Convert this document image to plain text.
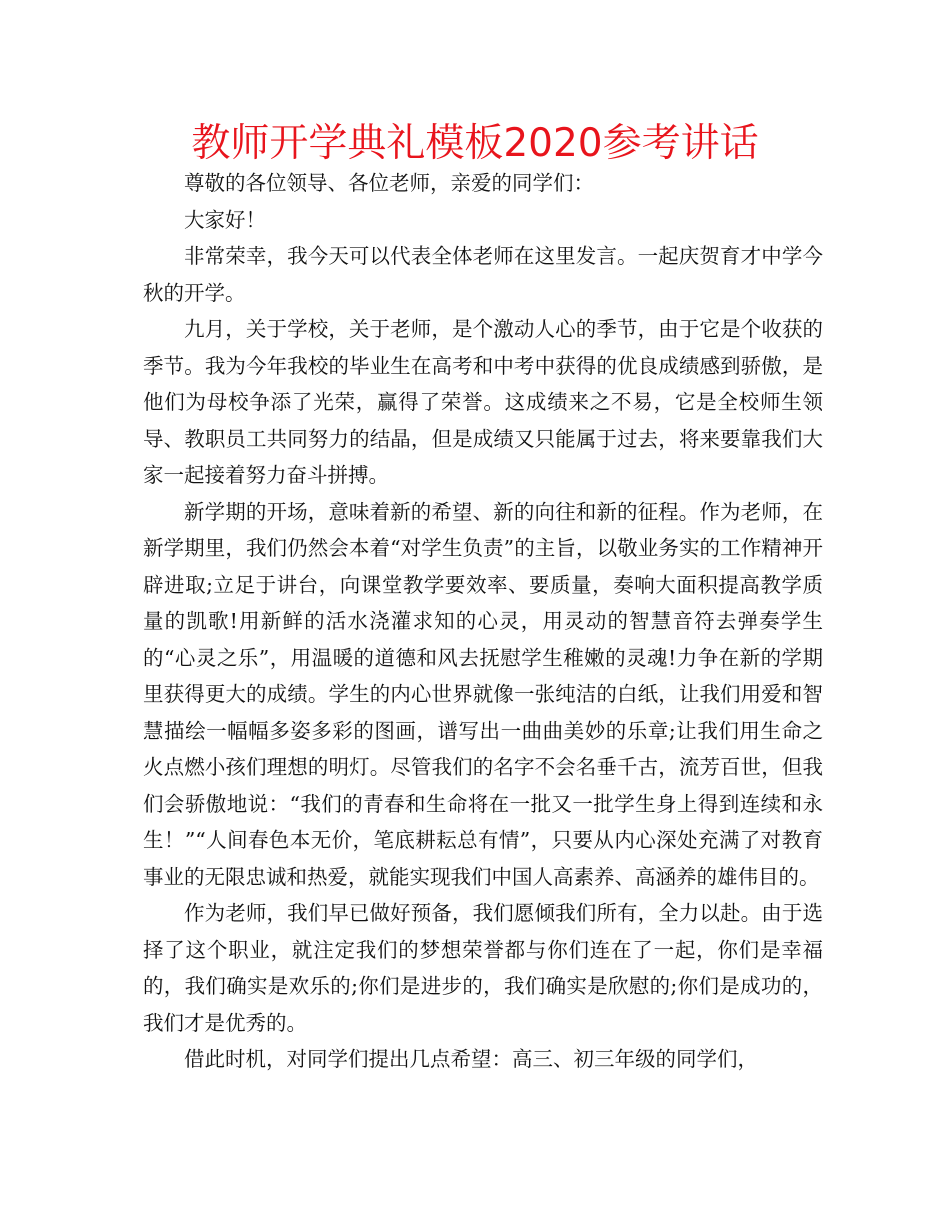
教师开学典礼模板2020参考讲话

尊敬的各位领导、各位老师，亲爱的同学们：

大家好！

非常荣幸，我今天可以代表全体老师在这里发言。一起庆贺育才中学今秋的开学。

九月，关于学校，关于老师，是个激动人心的季节，由于它是个收获的季节。我为今年我校的毕业生在高考和中考中获得的优良成绩感到骄傲，是他们为母校争添了光荣，赢得了荣誉。这成绩来之不易，它是全校师生领导、教职员工共同努力的结晶，但是成绩又只能属于过去，将来要靠我们大家一起接着努力奋斗拼搏。

新学期的开场，意味着新的希望、新的向往和新的征程。作为老师，在新学期里，我们仍然会本着“对学生负责”的主旨，以敬业务实的工作精神开辟进取;立足于讲台，向课堂教学要效率、要质量，奏响大面积提高教学质量的凯歌!用新鲜的活水浇灌求知的心灵，用灵动的智慧音符去弹奏学生的“心灵之乐”，用温暖的道德和风去抚慰学生稚嫩的灵魂!力争在新的学期里获得更大的成绩。学生的内心世界就像一张纯洁的白纸，让我们用爱和智慧描绘一幅幅多姿多彩的图画，谱写出一曲曲美妙的乐章;让我们用生命之火点燃小孩们理想的明灯。尽管我们的名字不会名垂千古，流芳百世，但我们会骄傲地说：“我们的青春和生命将在一批又一批学生身上得到连续和永生！”“人间春色本无价，笔底耕耘总有情”，只要从内心深处充满了对教育事业的无限忠诚和热爱，就能实现我们中国人高素养、高涵养的雄伟目的。

作为老师，我们早已做好预备，我们愿倾我们所有，全力以赴。由于选择了这个职业，就注定我们的梦想荣誉都与你们连在了一起，你们是幸福的，我们确实是欢乐的;你们是进步的，我们确实是欣慰的;你们是成功的，我们才是优秀的。

借此时机，对同学们提出几点希望：高三、初三年级的同学们，
